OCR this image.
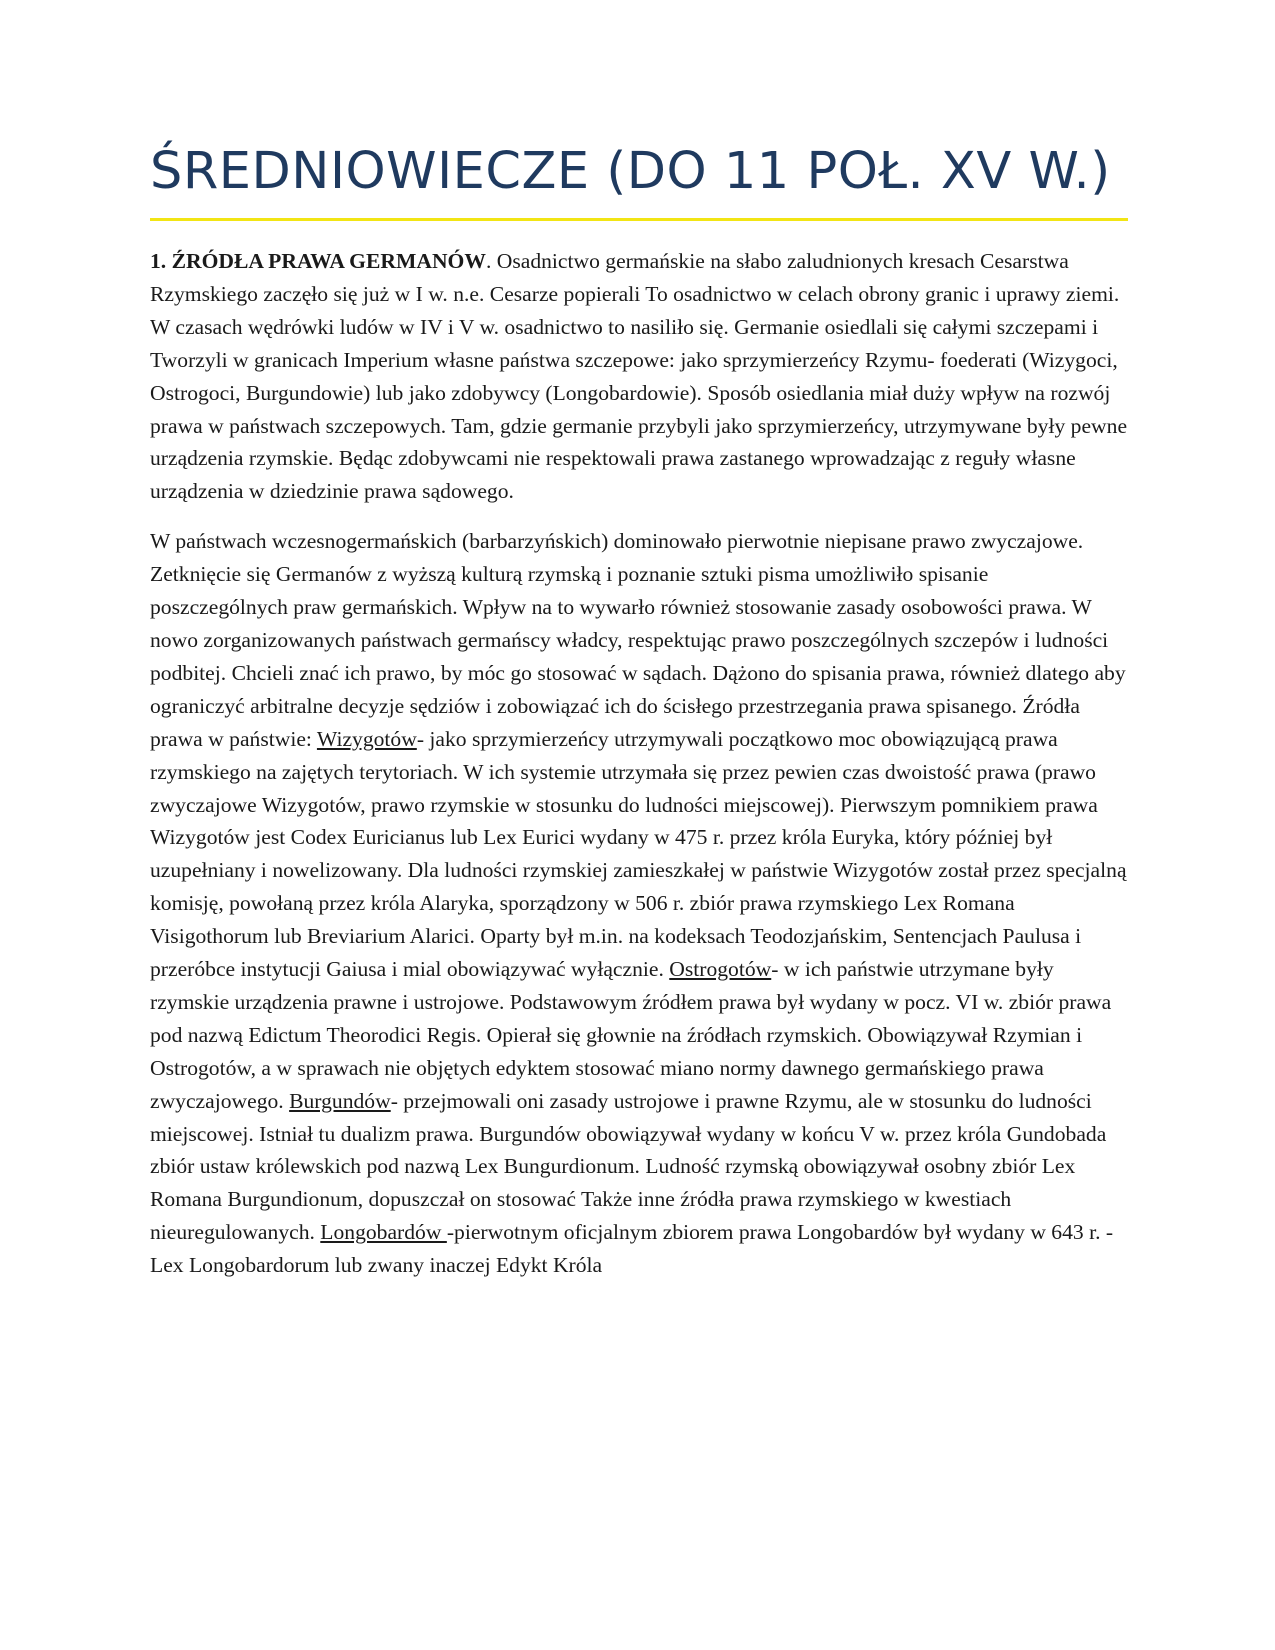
ŚREDNIOWIECZE (DO 11 POŁ. XV W.)

1. ŹRÓDŁA PRAWA GERMANÓW. Osadnictwo germańskie na słabo zaludnionych kresach Cesarstwa Rzymskiego zaczęło się już w I w. n.e. Cesarze popierali To osadnictwo w celach obrony granic i uprawy ziemi. W czasach wędrówki ludów w IV i V w. osadnictwo to nasiliło się. Germanie osiedlali się całymi szczepami i Tworzyli w granicach Imperium własne państwa szczepowe: jako sprzymierzeńcy Rzymu- foederati (Wizygoci, Ostrogoci, Burgundowie) lub jako zdobywcy (Longobardowie). Sposób osiedlania miał duży wpływ na rozwój prawa w państwach szczepowych. Tam, gdzie germanie przybyli jako sprzymierzeńcy, utrzymywane były pewne urządzenia rzymskie. Będąc zdobywcami nie respektowali prawa zastanego wprowadzając z reguły własne urządzenia w dziedzinie prawa sądowego.

W państwach wczesnogermańskich (barbarzyńskich) dominowało pierwotnie niepisane prawo zwyczajowe. Zetknięcie się Germanów z wyższą kulturą rzymską i poznanie sztuki pisma umożliwiło spisanie poszczególnych praw germańskich. Wpływ na to wywarło również stosowanie zasady osobowości prawa. W nowo zorganizowanych państwach germańscy władcy, respektując prawo poszczególnych szczepów i ludności podbitej. Chcieli znać ich prawo, by móc go stosować w sądach. Dążono do spisania prawa, również dlatego aby ograniczyć arbitralne decyzje sędziów i zobowiązać ich do ścisłego przestrzegania prawa spisanego. Źródła prawa w państwie: Wizygotów- jako sprzymierzeńcy utrzymywali początkowo moc obowiązującą prawa rzymskiego na zajętych terytoriach. W ich systemie utrzymała się przez pewien czas dwoistość prawa (prawo zwyczajowe Wizygotów, prawo rzymskie w stosunku do ludności miejscowej). Pierwszym pomnikiem prawa Wizygotów jest Codex Euricianus lub Lex Eurici wydany w 475 r. przez króla Euryka, który później był uzupełniany i nowelizowany. Dla ludności rzymskiej zamieszkałej w państwie Wizygotów został przez specjalną komisję, powołaną przez króla Alaryka, sporządzony w 506 r. zbiór prawa rzymskiego Lex Romana Visigothorum lub Breviarium Alarici. Oparty był m.in. na kodeksach Teodozjańskim, Sentencjach Paulusa i przeróbce instytucji Gaiusa i mial obowiązywać wyłącznie. Ostrogotów- w ich państwie utrzymane były rzymskie urządzenia prawne i ustrojowe. Podstawowym źródłem prawa był wydany w pocz. VI w. zbiór prawa pod nazwą Edictum Theorodici Regis. Opierał się głownie na źródłach rzymskich. Obowiązywał Rzymian i Ostrogotów, a w sprawach nie objętych edyktem stosować miano normy dawnego germańskiego prawa zwyczajowego. Burgundów- przejmowali oni zasady ustrojowe i prawne Rzymu, ale w stosunku do ludności miejscowej. Istniał tu dualizm prawa. Burgundów obowiązywał wydany w końcu V w. przez króla Gundobada zbiór ustaw królewskich pod nazwą Lex Bungurdionum. Ludność rzymską obowiązywał osobny zbiór Lex Romana Burgundionum, dopuszczał on stosować Także inne źródła prawa rzymskiego w kwestiach nieuregulowanych. Longobardów -pierwotnym oficjalnym zbiorem prawa Longobardów był wydany w 643 r. - Lex Longobardorum lub zwany inaczej Edykt Króla
